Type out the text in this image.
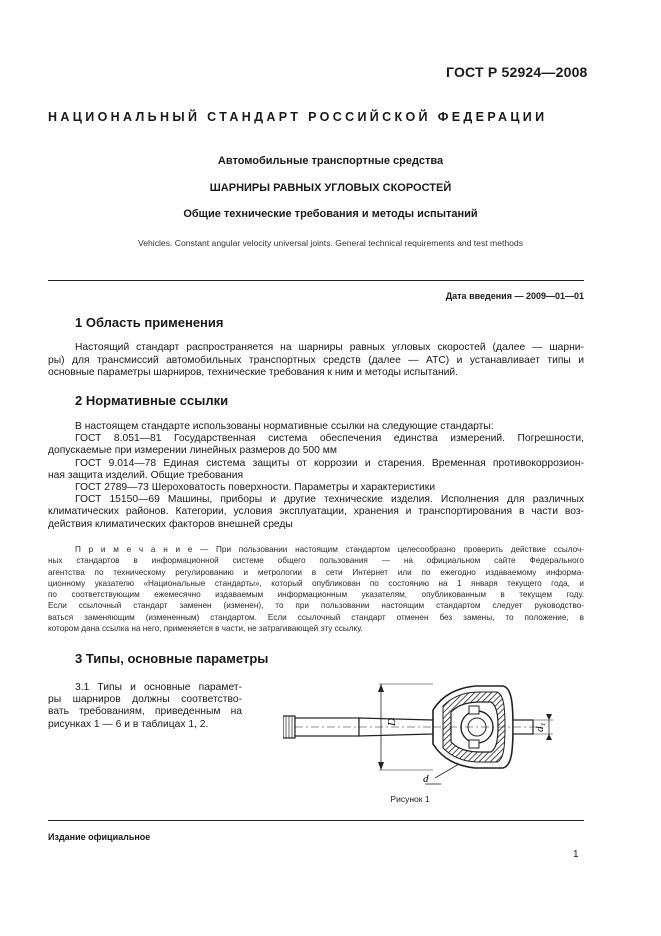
ГОСТ Р 52924—2008
НАЦИОНАЛЬНЫЙ СТАНДАРТ РОССИЙСКОЙ ФЕДЕРАЦИИ
Автомобильные транспортные средства
ШАРНИРЫ РАВНЫХ УГЛОВЫХ СКОРОСТЕЙ
Общие технические требования и методы испытаний
Vehicles. Constant angular velocity universal joints. General technical requirements and test methods
Дата введения — 2009—01—01
1 Область применения
Настоящий стандарт распространяется на шарниры равных угловых скоростей (далее — шарни-
ры) для трансмиссий автомобильных транспортных средств (далее — АТС) и устанавливает типы и
основные параметры шарниров, технические требования к ним и методы испытаний.
2 Нормативные ссылки
В настоящем стандарте использованы нормативные ссылки на следующие стандарты:
ГОСТ 8.051—81 Государственная система обеспечения единства измерений. Погрешности,
допускаемые при измерении линейных размеров до 500 мм
ГОСТ 9.014—78 Единая система защиты от коррозии и старения. Временная противокоррозион-
ная защита изделий. Общие требования
ГОСТ 2789—73 Шероховатость поверхности. Параметры и характеристики
ГОСТ 15150—69 Машины, приборы и другие технические изделия. Исполнения для различных
климатических районов. Категории, условия эксплуатации, хранения и транспортирования в части воз-
действия климатических факторов внешней среды
П р и м е ч а н и е — При пользовании настоящим стандартом целесообразно проверить действие ссылоч-
ных стандартов в информационной системе общего пользования — на официальном сайте Федерального
агентства по техническому регулированию и метрологии в сети Интернет или по ежегодно издаваемому информа-
ционному указателю «Национальные стандарты», который опубликован по состоянию на 1 января текущего года, и
по соответствующим ежемесячно издаваемым информационным указателям, опубликованным в текущем году.
Если ссылочный стандарт заменен (изменен), то при пользовании настоящим стандартом следует руководство-
ваться заменяющим (измененным) стандартом. Если ссылочный стандарт отменен без замены, то положение, в
котором дана ссылка на него, применяется в части, не затрагивающей эту ссылку.
3 Типы, основные параметры
3.1 Типы и основные парамет-
ры шарниров должны соответство-
вать требованиям, приведенным на
рисунках 1 — 6 и в таблицах 1, 2.	D
d₁
d
Рисунок 1
Издание официальное
1
